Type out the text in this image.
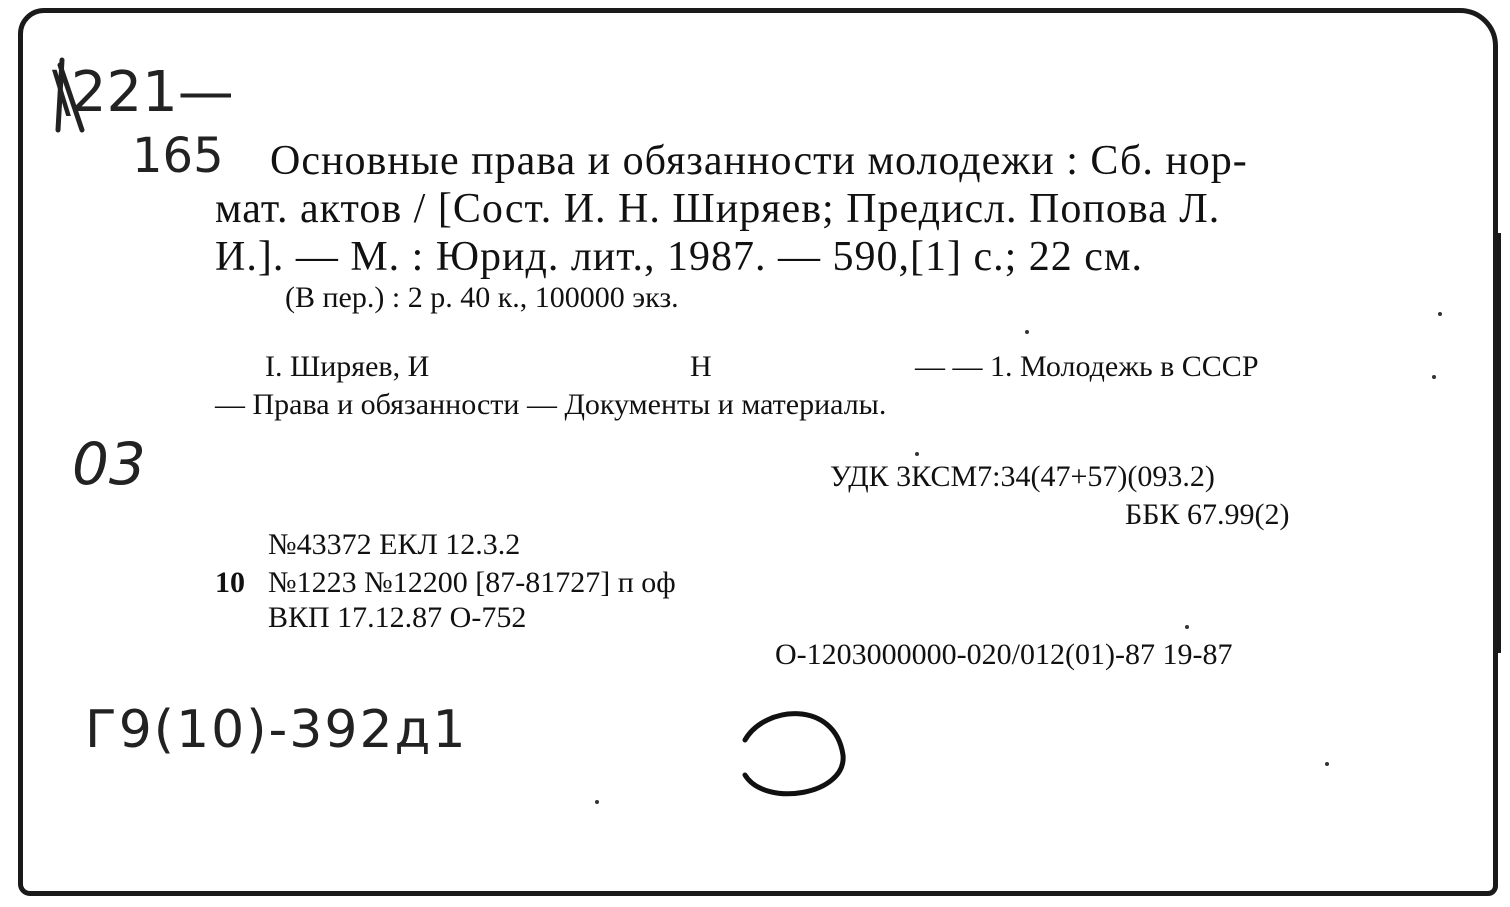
\221—
165 Основные права и обязанности молодежи : Сб. нор-
мат. актов / [Сост. И. Н. Ширяев; Предисл. Попова Л.
И.]. — М. : Юрид. лит., 1987. — 590,[1] с.; 22 см.
(В пер.) : 2 р. 40 к., 100000 экз.
I. Ширяев, И	Н	— — 1. Молодежь в СССР
— Права и обязанности — Документы и материалы.
03	УДК 3КСМ7:34(47+57)(093.2)
ББК 67.99(2)
№43372 ЕКЛ 12.3.2
10 №1223 №12200 [87-81727] п оф
ВКП 17.12.87 О-752
О-1203000000-020/012(01)-87 19-87
Г9(10)-392д1
